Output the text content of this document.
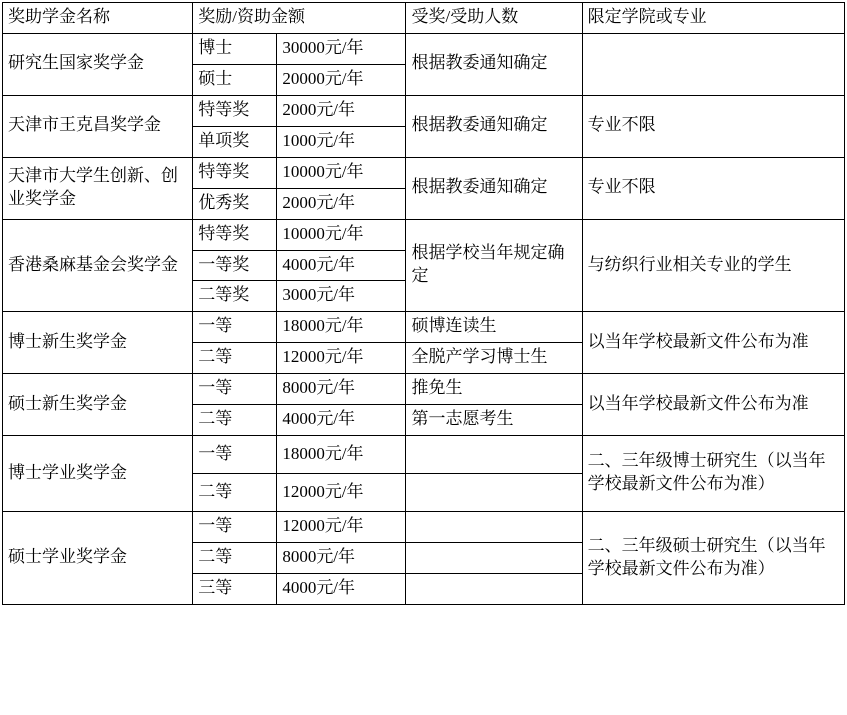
奖助学金名称	奖励/资助金额		受奖/受助人数	限定学院或专业
研究生国家奖学金	博士	30000元/年	根据教委通知确定	
	硕士	20000元/年		
天津市王克昌奖学金	特等奖	2000元/年	根据教委通知确定	专业不限
	单项奖	1000元/年		
天津市大学生创新、创业奖学金	特等奖	10000元/年	根据教委通知确定	专业不限
	优秀奖	2000元/年		
香港桑麻基金会奖学金	特等奖	10000元/年	根据学校当年规定确定	与纺织行业相关专业的学生
	一等奖	4000元/年		
	二等奖	3000元/年		
博士新生奖学金	一等	18000元/年	硕博连读生	以当年学校最新文件公布为准
	二等	12000元/年	全脱产学习博士生	
硕士新生奖学金	一等	8000元/年	推免生	以当年学校最新文件公布为准
	二等	4000元/年	第一志愿考生	
博士学业奖学金	一等	18000元/年		二、三年级博士研究生（以当年学校最新文件公布为准）
	二等	12000元/年		
硕士学业奖学金	一等	12000元/年		二、三年级硕士研究生（以当年学校最新文件公布为准）
	二等	8000元/年		
	三等	4000元/年		
